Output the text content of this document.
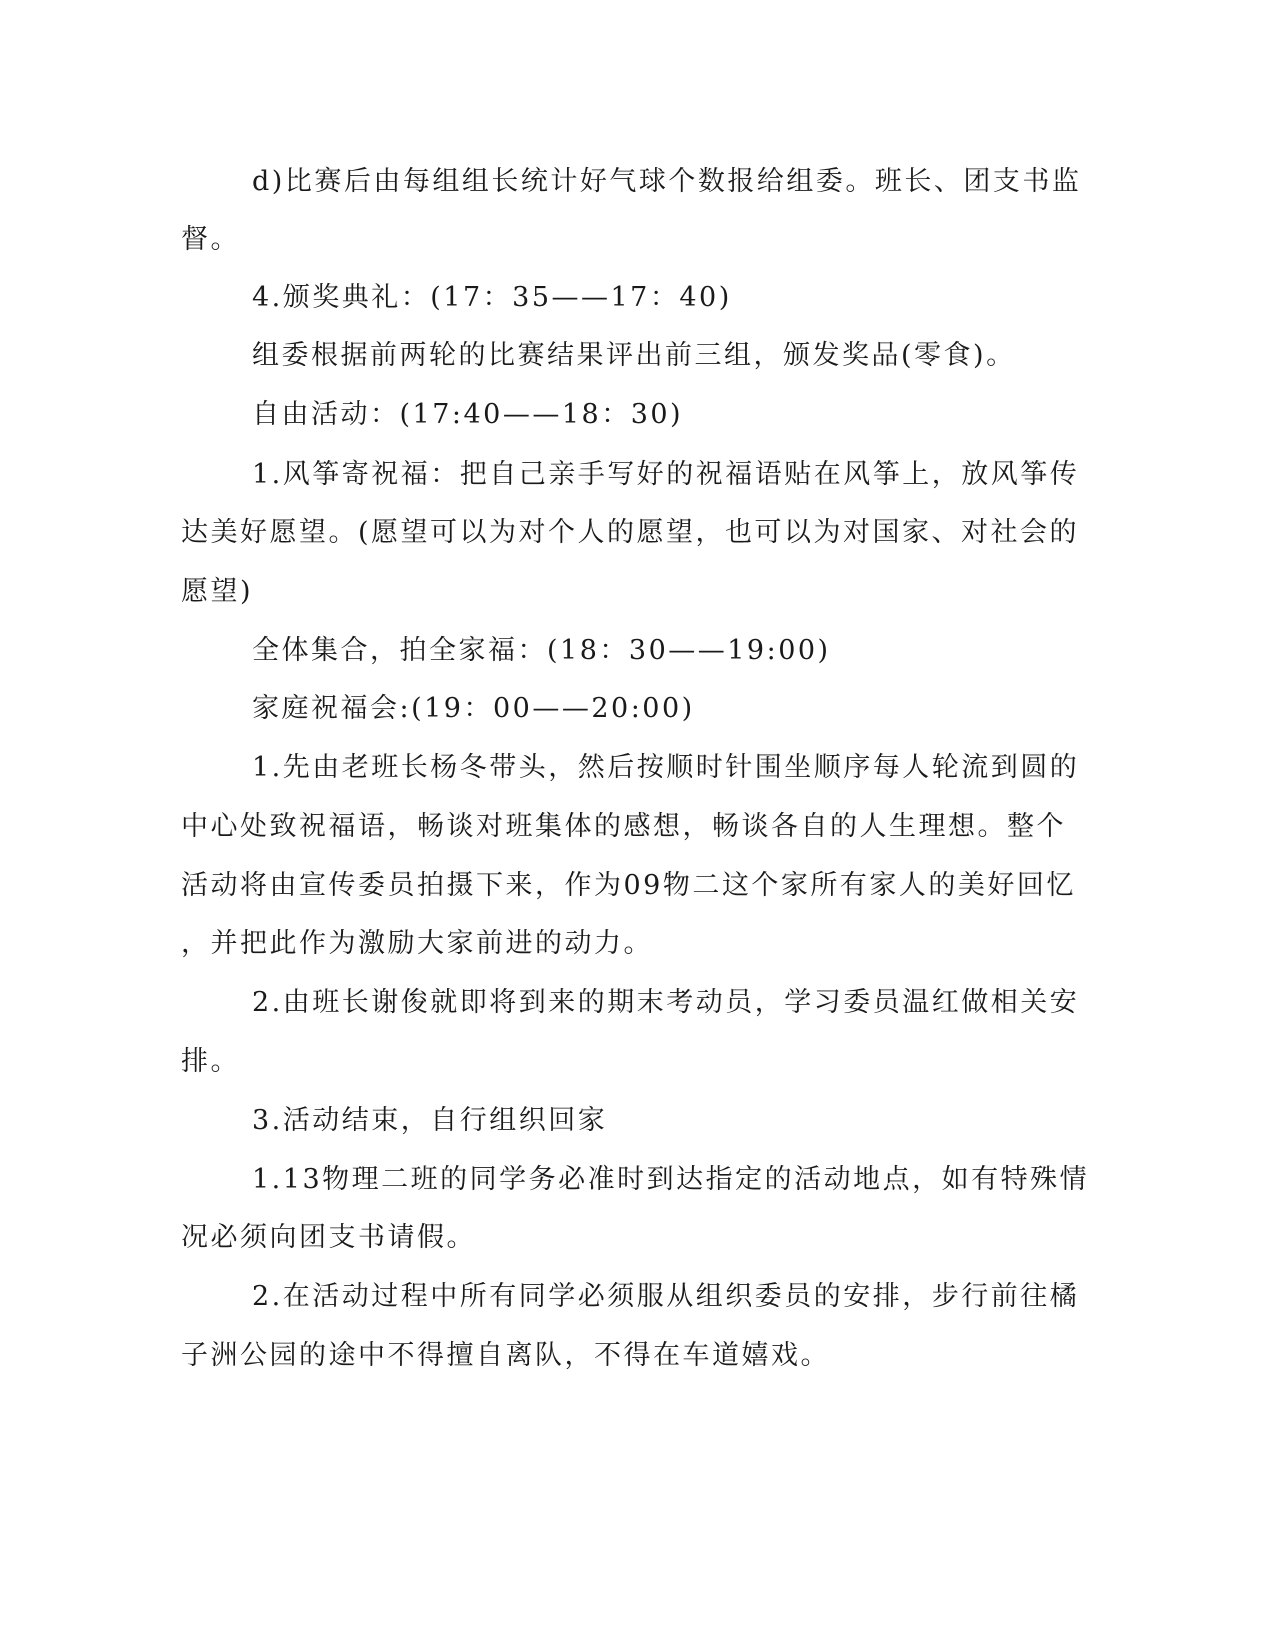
d)比赛后由每组组长统计好气球个数报给组委。班长、团支书监

督。

4.颁奖典礼：(17：35——17：40)

组委根据前两轮的比赛结果评出前三组，颁发奖品(零食)。

自由活动：(17:40——18：30)

1.风筝寄祝福：把自己亲手写好的祝福语贴在风筝上，放风筝传

达美好愿望。(愿望可以为对个人的愿望，也可以为对国家、对社会的

愿望)

全体集合，拍全家福：(18：30——19:00)

家庭祝福会:(19：00——20:00)

1.先由老班长杨冬带头，然后按顺时针围坐顺序每人轮流到圆的

中心处致祝福语，畅谈对班集体的感想，畅谈各自的人生理想。整个

活动将由宣传委员拍摄下来，作为09物二这个家所有家人的美好回忆

，并把此作为激励大家前进的动力。

2.由班长谢俊就即将到来的期末考动员，学习委员温红做相关安

排。

3.活动结束，自行组织回家

1.13物理二班的同学务必准时到达指定的活动地点，如有特殊情

况必须向团支书请假。

2.在活动过程中所有同学必须服从组织委员的安排，步行前往橘

子洲公园的途中不得擅自离队，不得在车道嬉戏。
